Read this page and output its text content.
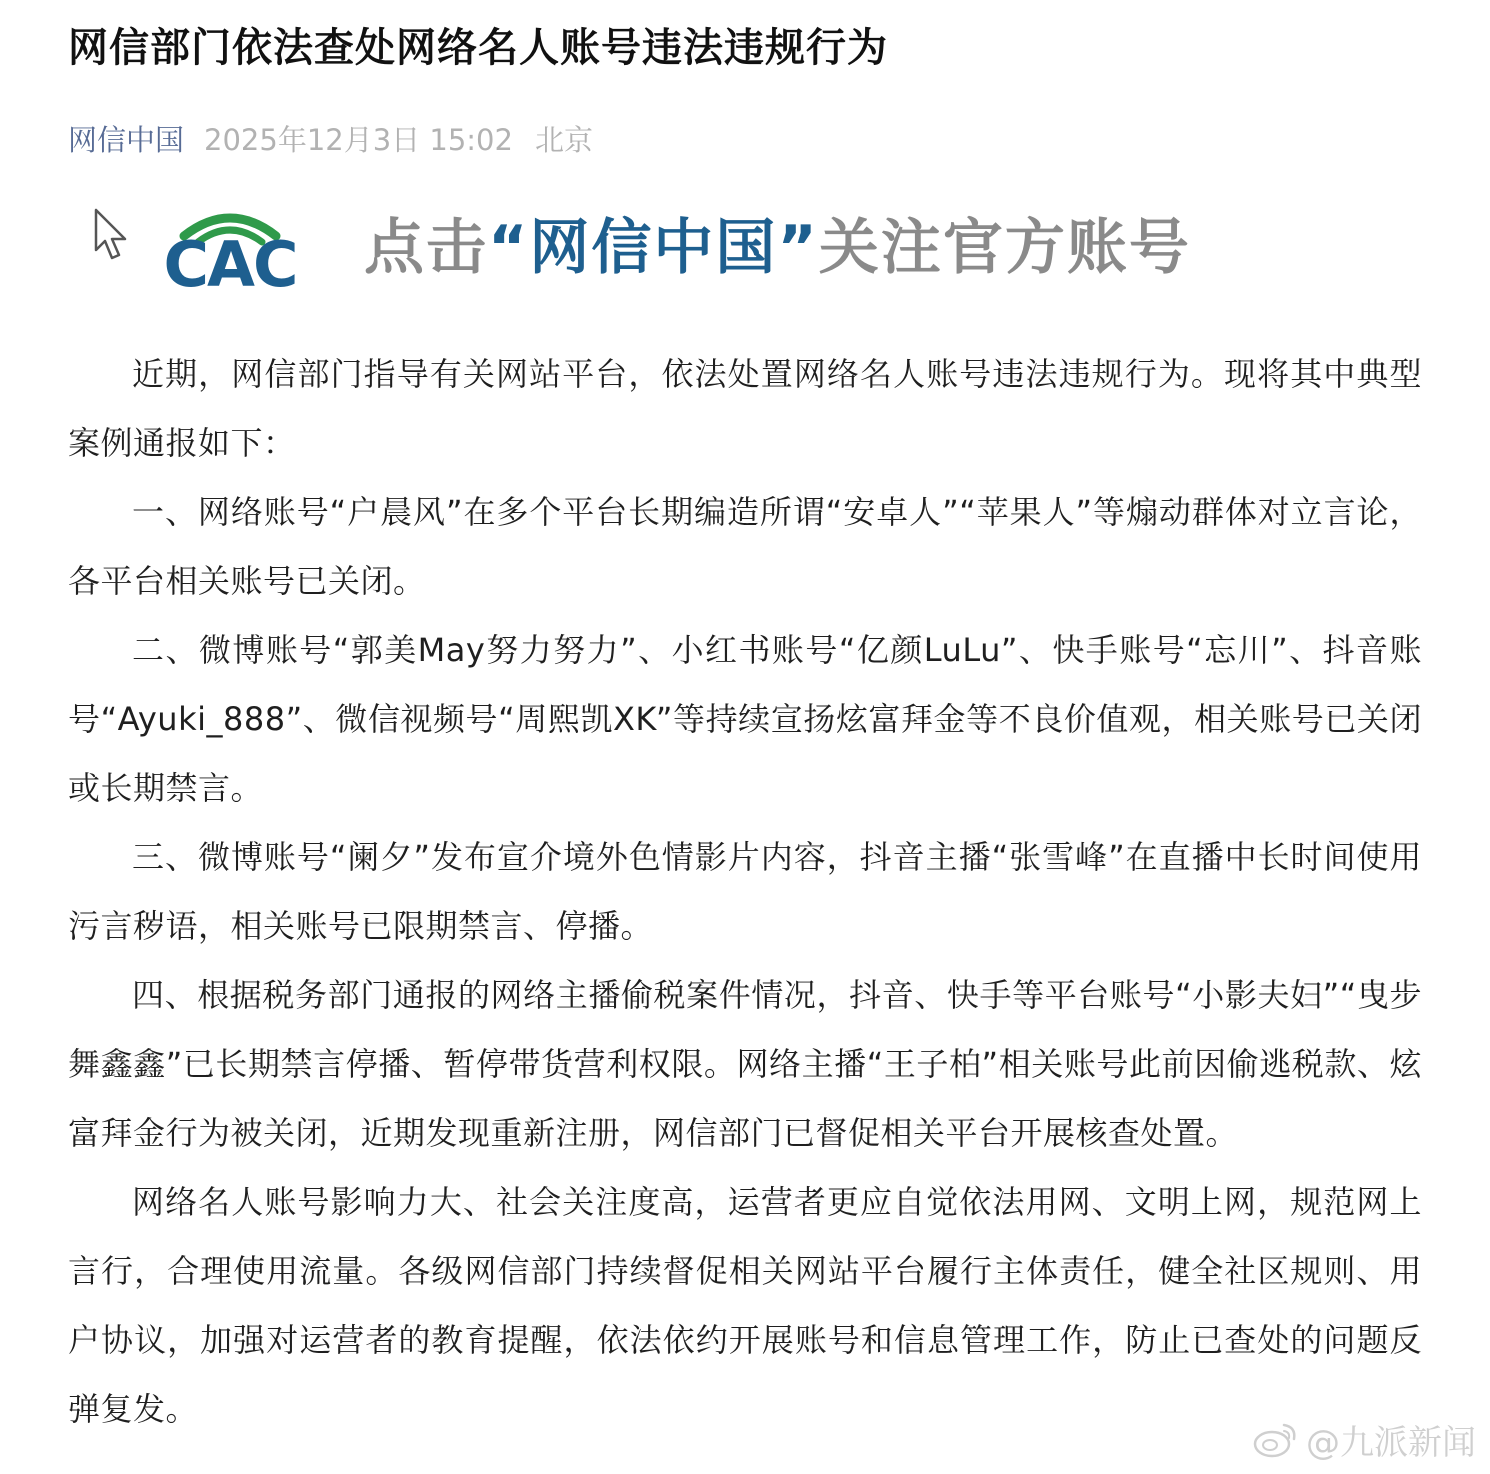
网信部门依法查处网络名人账号违法违规行为
网信中国 2025年12月3日 15:02 北京
CAC 点击“网信中国”关注官方账号

近期，网信部门指导有关网站平台，依法处置网络名人账号违法违规行为。现将其中典型案例通报如下：

一、网络账号“户晨风”在多个平台长期编造所谓“安卓人”“苹果人”等煽动群体对立言论，各平台相关账号已关闭。

二、微博账号“郭美May努力努力”、小红书账号“亿颜LuLu”、快手账号“忘川”、抖音账号“Ayuki_888”、微信视频号“周熙凯XK”等持续宣扬炫富拜金等不良价值观，相关账号已关闭或长期禁言。

三、微博账号“阑夕”发布宣介境外色情影片内容，抖音主播“张雪峰”在直播中长时间使用污言秽语，相关账号已限期禁言、停播。

四、根据税务部门通报的网络主播偷税案件情况，抖音、快手等平台账号“小影夫妇”“曳步舞鑫鑫”已长期禁言停播、暂停带货营利权限。网络主播“王子柏”相关账号此前因偷逃税款、炫富拜金行为被关闭，近期发现重新注册，网信部门已督促相关平台开展核查处置。

网络名人账号影响力大、社会关注度高，运营者更应自觉依法用网、文明上网，规范网上言行，合理使用流量。各级网信部门持续督促相关网站平台履行主体责任，健全社区规则、用户协议，加强对运营者的教育提醒，依法依约开展账号和信息管理工作，防止已查处的问题反弹复发。

@九派新闻
